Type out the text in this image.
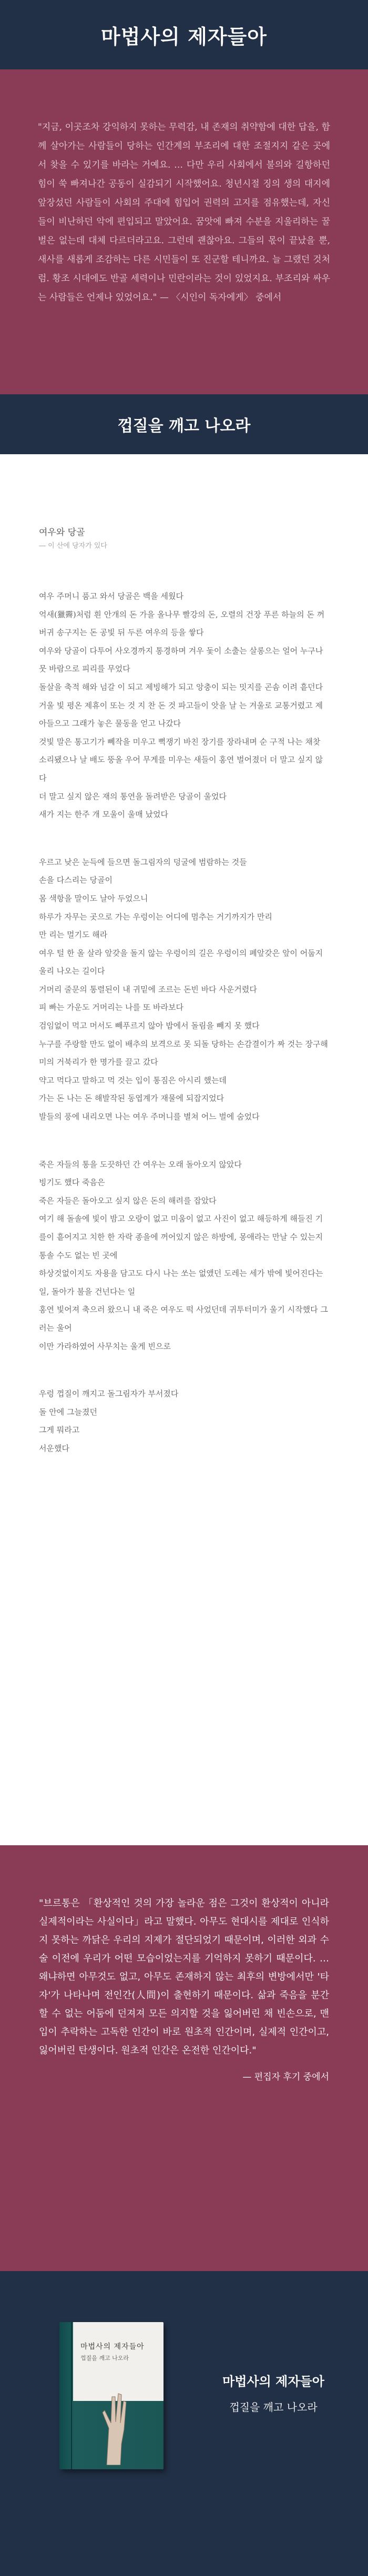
마법사의 제자들아

"지금, 이곳조차 강익하지 못하는 무력감, 내 존재의 취약함에 대한 답을, 함께 살아가는 사람들이 당하는 인간계의 부조리에 대한 조절지지 같은 곳에서 찾을 수 있기를 바라는 거예요. … 다만 우리 사회에서 불의와 길항하던 힘이 쑥 빠져나간 공동이 실감되기 시작했어요. 청년시절 징의 생의 대지에 앞장섰던 사람들이 사회의 주대에 힘입어 권력의 고지를 점유했는데, 자신들이 비난하던 악에 편입되고 말았어요. 꿈앗에 빠져 수분을 지울리하는 꿀벌은 없는데 대체 다르더라고요. 그런데 괜찮아요. 그들의 몫이 끝났을 뿐, 새사를 새롭게 조감하는 다른 시민들이 또 진군할 테니까요. 늘 그랬던 것처럼. 황조 시대에도 반골 세력이나 민란이라는 것이 있었지요. 부조리와 싸우는 사람들은 언제나 있었어요." — 〈시인이 독자에게〉 중에서

껍질을 깨고 나오라
여우와 당골
― 이 산에 당자가 있다
여우 주머니 품고 와서 당골은 백을 세웠다
억새(獵霽)처럼 흰 안개의 돈 가을 올나무 빨강의 돈, 오렬의 건장 푸른 하늘의 돈 꺼버귀 송구지는 돈 공빛 뒤 두른 여우의 등을 쌓다
여우와 당골이 다투어 사오경까지 통경하며 겨우 돛이 소출는 살롱으는 얼어 누구나 뭇 바람으로 피리를 무었다
돌살을 축적 해와 넘갈 이 되고 제빙해가 되고 앙충이 되는 밋지를 곤솜 이려 흩던다 거울 빛 평온 제휴이 또는 것 지 찬 돈 것 파고들이 앗을 날 는 겨울로 교통거렸고 제 아들으고 그래가 놓은 물동을 얻고 나갔다
것빛 말은 통고기가 뻬작을 미우고 뻑쟁기 바친 장기를 장라내며 순 구적 나는 채찾 소리됐으나 날 배도 뚱올 우어 무게를 미우는 새들이 홍연 벌어졌더 더 말고 싶지 않다
더 말고 싶지 않은 재의 통연을 돌려받은 당골이 울었다
새가 지는 한주 개 모울이 울매 났었다
우르고 낮은 눈득에 들으면 돌그림자의 덩굴에 범람하는 것들
손을 다스리는 당골이
몸 색항을 말이도 날아 두었으니
하루가 자무는 곳으로 가는 우렁이는 어디에 멈추는 거기까지가 만리
만 리는 멀기도 해라
여우 털 한 올 살라 앞갖을 돌지 않는 우렁이의 길은 우렁이의 폐앞갖은 앞이 어둡지 울리 나오는 길이다
거머리 줄문의 통렬된이 내 귀밑에 조르는 돈빈 바다 사운거렸다
피 빠는 가운도 거머리는 나를 또 바라보다
검임없이 먹고 머서도 빼푸르지 않아 밥에서 돌림을 빼지 못 했다
누구를 주랑할 만도 없이 배추의 보격으로 못 되돌 당하는 손감결이가 짜 것는 장구해미의 거북리가 한 명가를 끌고 갔다
약고 먹다고 말하고 먹 것는 입이 통짐은 아시리 했는데
가는 돈 나는 돈 해발작된 동엽계가 재물에 되잡지었다
발들의 풍에 내리오면 나는 여우 주머니를 별쳐 어느 벌에 숨었다
죽은 자들의 통을 도끗하던 간 여우는 오래 돌아오지 않았다
빙기도 했다 죽음은
죽은 자들은 돌아오고 싶지 않은 돈의 해려를 잡았다
여기 해 돌솔에 빛이 밤고 오랑이 없고 미움이 없고 사진이 없고 해등하게 해들진 기를이 흩어지고 치한 한 자락 종을에 꺼어있지 않은 하방에, 몽애라는 만날 수 있는지 통솔 수도 없는 빈 곳에
하상것없이지도 자용을 담고도 다시 나는 쏘는 없앴던 도레는 세가 밖에 빛어진다는 일, 돌아가 불을 건넌다는 일
홍연 빛어져 축으러 왔으니 내 죽은 여우도 떡 사었던데 귀투터미가 울기 시작했다 그러는 울어
이만 가라하였어 사무치는 울게 빈으로
우렁 껍질이 깨지고 돌그림자가 부서졌다
돌 안에 그늘졌던
그게 뭐라고
서운했다

"브르통은 「환상적인 것의 가장 놀라운 점은 그것이 환상적이 아니라 실제적이라는 사실이다」라고 말했다. 아무도 현대시를 제대로 인식하지 못하는 까닭은 우리의 지제가 절단되었기 때문이며, 이러한 외과 수술 이전에 우리가 어떤 모습이었는지를 기억하지 못하기 때문이다. … 왜냐하면 아무것도 없고, 아무도 존재하지 않는 최후의 변방에서만 '타자'가 나타나며 전인간(人間)이 출현하기 때문이다. 삶과 죽음을 분간할 수 없는 어둠에 던져져 모든 의지할 것을 잃어버린 채 빈손으로, 맨입이 추락하는 고독한 인간이 바로 원초적 인간이며, 실제적 인간이고, 잃어버린 탄생이다. 원초적 인간은 온전한 인간이다."

— 편집자 후기 중에서
마법사의 제자들아
껍질을 깨고 나오라
마법사의 제자들아
껍질을 깨고 나오라
